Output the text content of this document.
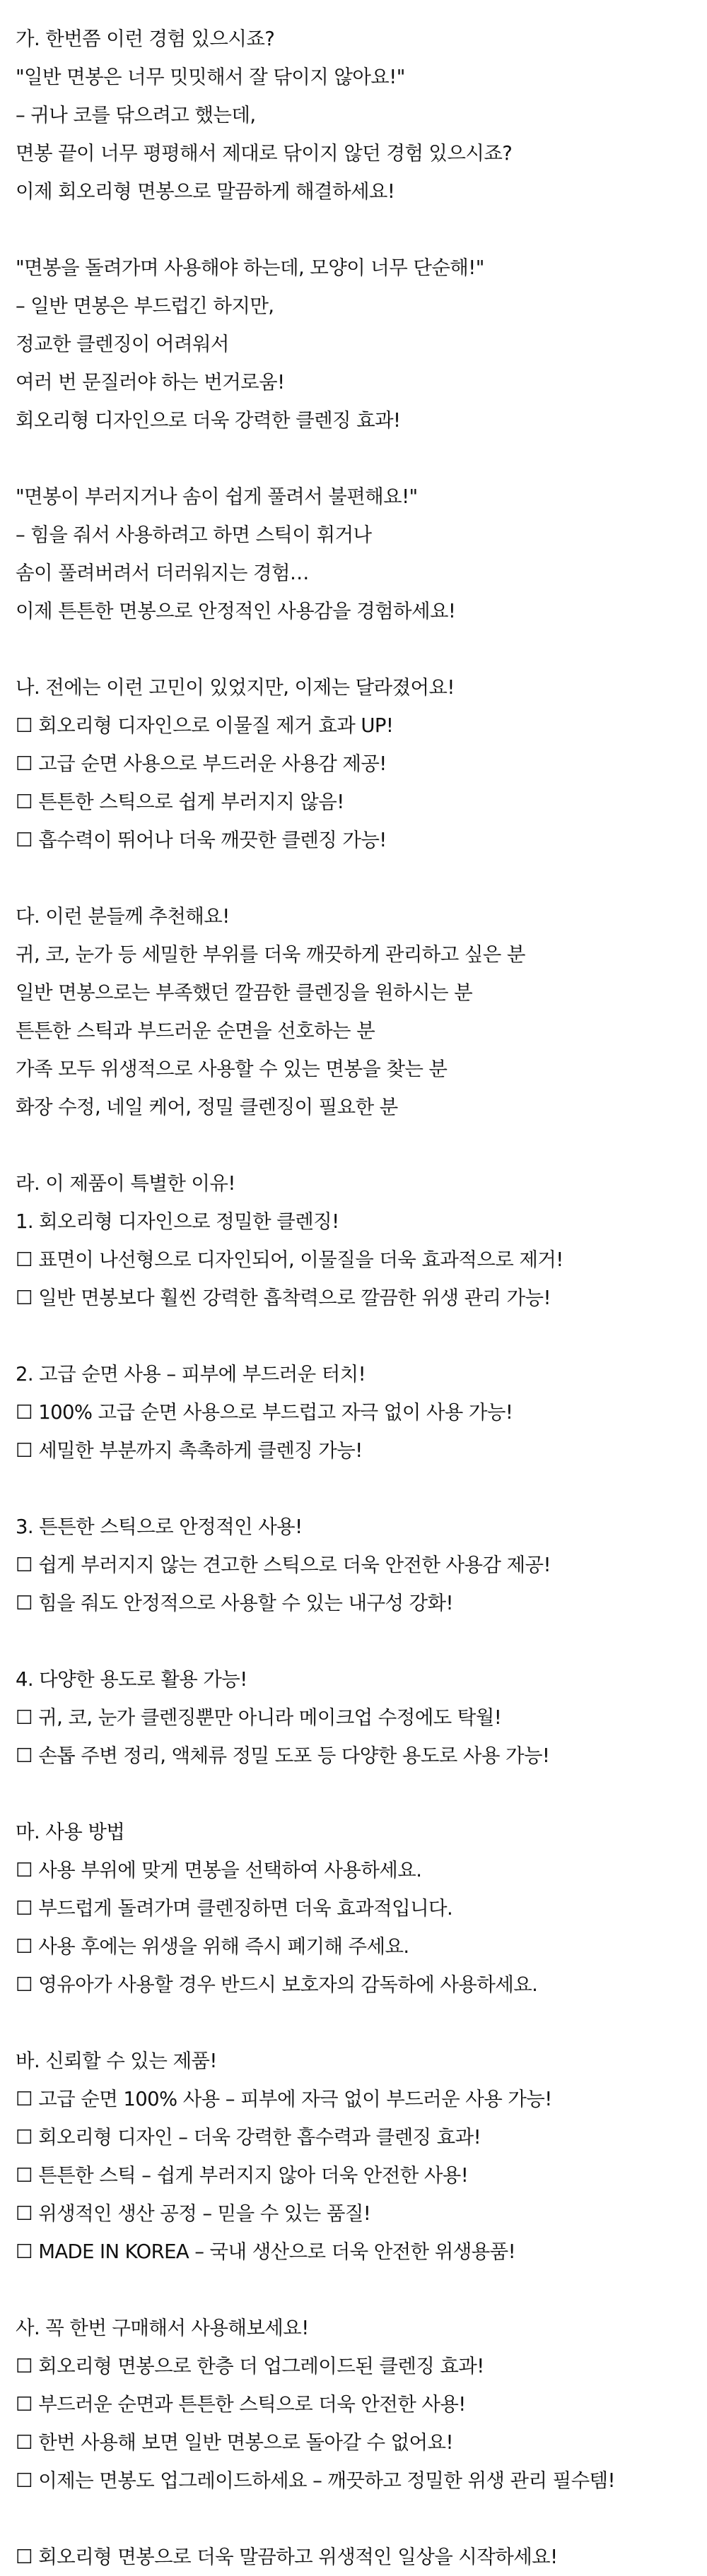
가. 한번쯤 이런 경험 있으시죠?
"일반 면봉은 너무 밋밋해서 잘 닦이지 않아요!"
– 귀나 코를 닦으려고 했는데,
면봉 끝이 너무 평평해서 제대로 닦이지 않던 경험 있으시죠?
이제 회오리형 면봉으로 말끔하게 해결하세요!
"면봉을 돌려가며 사용해야 하는데, 모양이 너무 단순해!"
– 일반 면봉은 부드럽긴 하지만,
정교한 클렌징이 어려워서
여러 번 문질러야 하는 번거로움!
회오리형 디자인으로 더욱 강력한 클렌징 효과!
"면봉이 부러지거나 솜이 쉽게 풀려서 불편해요!"
– 힘을 줘서 사용하려고 하면 스틱이 휘거나
솜이 풀려버려서 더러워지는 경험…
이제 튼튼한 면봉으로 안정적인 사용감을 경험하세요!
나. 전에는 이런 고민이 있었지만, 이제는 달라졌어요!
☐ 회오리형 디자인으로 이물질 제거 효과 UP!
☐ 고급 순면 사용으로 부드러운 사용감 제공!
☐ 튼튼한 스틱으로 쉽게 부러지지 않음!
☐ 흡수력이 뛰어나 더욱 깨끗한 클렌징 가능!
다. 이런 분들께 추천해요!
귀, 코, 눈가 등 세밀한 부위를 더욱 깨끗하게 관리하고 싶은 분
일반 면봉으로는 부족했던 깔끔한 클렌징을 원하시는 분
튼튼한 스틱과 부드러운 순면을 선호하는 분
가족 모두 위생적으로 사용할 수 있는 면봉을 찾는 분
화장 수정, 네일 케어, 정밀 클렌징이 필요한 분
라. 이 제품이 특별한 이유!
1. 회오리형 디자인으로 정밀한 클렌징!
☐ 표면이 나선형으로 디자인되어, 이물질을 더욱 효과적으로 제거!
☐ 일반 면봉보다 훨씬 강력한 흡착력으로 깔끔한 위생 관리 가능!
2. 고급 순면 사용 – 피부에 부드러운 터치!
☐ 100% 고급 순면 사용으로 부드럽고 자극 없이 사용 가능!
☐ 세밀한 부분까지 촉촉하게 클렌징 가능!
3. 튼튼한 스틱으로 안정적인 사용!
☐ 쉽게 부러지지 않는 견고한 스틱으로 더욱 안전한 사용감 제공!
☐ 힘을 줘도 안정적으로 사용할 수 있는 내구성 강화!
4. 다양한 용도로 활용 가능!
☐ 귀, 코, 눈가 클렌징뿐만 아니라 메이크업 수정에도 탁월!
☐ 손톱 주변 정리, 액체류 정밀 도포 등 다양한 용도로 사용 가능!
마. 사용 방법
☐ 사용 부위에 맞게 면봉을 선택하여 사용하세요.
☐ 부드럽게 돌려가며 클렌징하면 더욱 효과적입니다.
☐ 사용 후에는 위생을 위해 즉시 폐기해 주세요.
☐ 영유아가 사용할 경우 반드시 보호자의 감독하에 사용하세요.
바. 신뢰할 수 있는 제품!
☐ 고급 순면 100% 사용 – 피부에 자극 없이 부드러운 사용 가능!
☐ 회오리형 디자인 – 더욱 강력한 흡수력과 클렌징 효과!
☐ 튼튼한 스틱 – 쉽게 부러지지 않아 더욱 안전한 사용!
☐ 위생적인 생산 공정 – 믿을 수 있는 품질!
☐ MADE IN KOREA – 국내 생산으로 더욱 안전한 위생용품!
사. 꼭 한번 구매해서 사용해보세요!
☐ 회오리형 면봉으로 한층 더 업그레이드된 클렌징 효과!
☐ 부드러운 순면과 튼튼한 스틱으로 더욱 안전한 사용!
☐ 한번 사용해 보면 일반 면봉으로 돌아갈 수 없어요!
☐ 이제는 면봉도 업그레이드하세요 – 깨끗하고 정밀한 위생 관리 필수템!
☐ 회오리형 면봉으로 더욱 말끔하고 위생적인 일상을 시작하세요!
